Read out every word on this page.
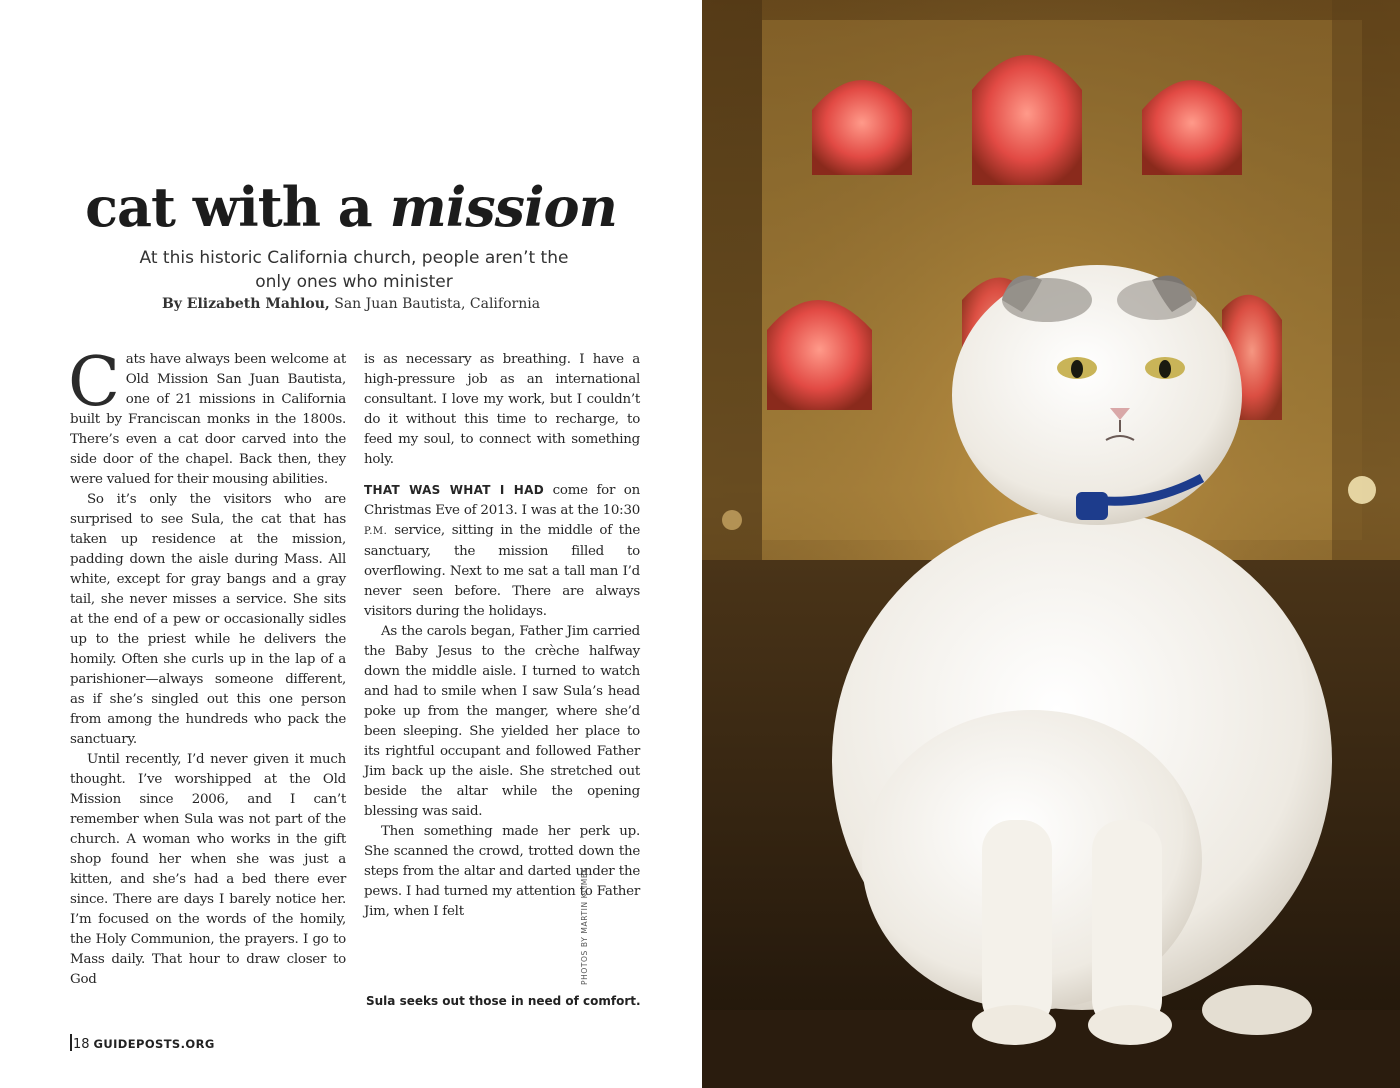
cat with a mission
At this historic California church, people aren’t the only ones who minister
By Elizabeth Mahlou, San Juan Bautista, California

Cats have always been welcome at Old Mission San Juan Bautista, one of 21 missions in California built by Franciscan monks in the 1800s. There’s even a cat door carved into the side door of the chapel. Back then, they were valued for their mousing abilities.

So it’s only the visitors who are surprised to see Sula, the cat that has taken up residence at the mission, padding down the aisle during Mass. All white, except for gray bangs and a gray tail, she never misses a service. She sits at the end of a pew or occasionally sidles up to the priest while he delivers the homily. Often she curls up in the lap of a parishioner—always someone different, as if she’s singled out this one person from among the hundreds who pack the sanctuary.

Until recently, I’d never given it much thought. I’ve worshipped at the Old Mission since 2006, and I can’t remember when Sula was not part of the church. A woman who works in the gift shop found her when she was just a kitten, and she’s had a bed there ever since. There are days I barely notice her. I’m focused on the words of the homily, the Holy Communion, the prayers. I go to Mass daily. That hour to draw closer to God

is as necessary as breathing. I have a high-pressure job as an international consultant. I love my work, but I couldn’t do it without this time to recharge, to feed my soul, to connect with something holy.

THAT WAS WHAT I HAD come for on Christmas Eve of 2013. I was at the 10:30 P.M. service, sitting in the middle of the sanctuary, the mission filled to overflowing. Next to me sat a tall man I’d never seen before. There are always visitors during the holidays.

As the carols began, Father Jim carried the Baby Jesus to the crèche halfway down the middle aisle. I turned to watch and had to smile when I saw Sula’s head poke up from the manger, where she’d been sleeping. She yielded her place to its rightful occupant and followed Father Jim back up the aisle. She stretched out beside the altar while the opening blessing was said.

Then something made her perk up. She scanned the crowd, trotted down the steps from the altar and darted under the pews. I had turned my attention to Father Jim, when I felt

Sula seeks out those in need of comfort.
PHOTOS BY MARTIN KLIMEK
18 GUIDEPOSTS.ORG
